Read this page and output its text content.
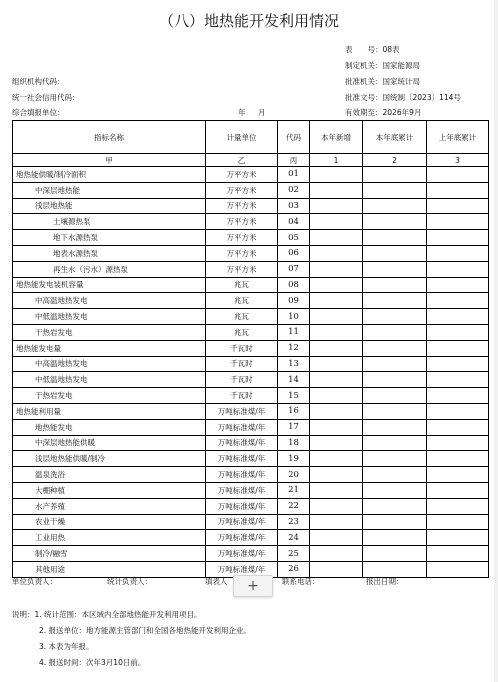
（八）地热能开发利用情况
表　　号：08表
制定机关：国家能源局
组织机构代码：	批准机关：国家统计局
统一社会信用代码：	批准文号：国统制〔2023〕114号
综合填报单位：	年 月	有效期至：2026年9月
指标名称	计量单位	代码	本年新增	本年底累计	上年底累计
甲	乙	丙	1	2	3
地热能供暖/制冷面积	万平方米	01			
中深层地热能	万平方米	02			
浅层地热能	万平方米	03			
土壤源热泵	万平方米	04			
地下水源热泵	万平方米	05			
地表水源热泵	万平方米	06			
再生水（污水）源热泵	万平方米	07			
地热能发电装机容量	兆瓦	08			
中高温地热发电	兆瓦	09			
中低温地热发电	兆瓦	10			
干热岩发电	兆瓦	11			
地热能发电量	千瓦时	12			
中高温地热发电	千瓦时	13			
中低温地热发电	千瓦时	14			
干热岩发电	千瓦时	15			
地热能利用量	万吨标准煤/年	16			
地热能发电	万吨标准煤/年	17			
中深层地热能供暖	万吨标准煤/年	18			
浅层地热能供暖/制冷	万吨标准煤/年	19			
温泉洗浴	万吨标准煤/年	20			
大棚种植	万吨标准煤/年	21			
水产养殖	万吨标准煤/年	22			
农业干燥	万吨标准煤/年	23			
工业用热	万吨标准煤/年	24			
制冷/融雪	万吨标准煤/年	25			
其他用途	万吨标准煤/年	26			
单位负责人：	统计负责人：	填表人	联系电话：	报出日期：
+
说明：1. 统计范围：本区域内全部地热能开发利用项目。
2. 报送单位：地方能源主管部门和全国各地热能开发利用企业。
3. 本表为年报。
4. 报送时间：次年3月10日前。
